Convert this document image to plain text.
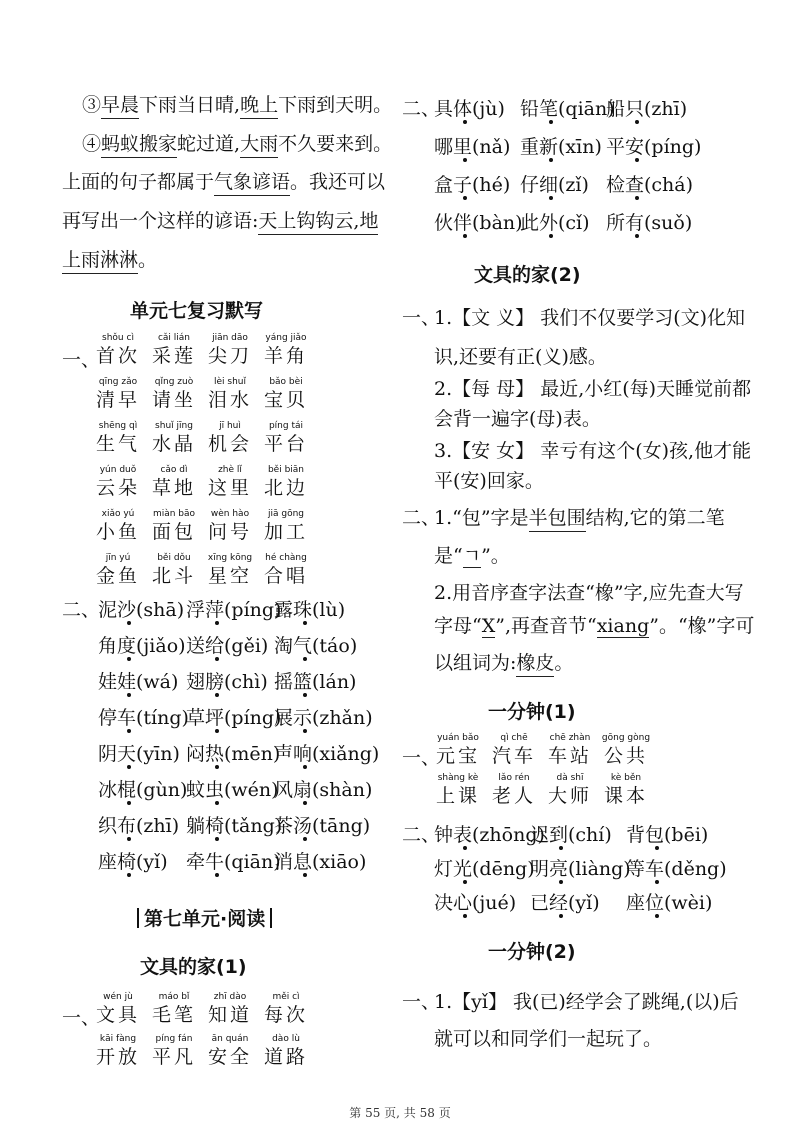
③早晨下雨当日晴,晚上下雨到天明。
④蚂蚁搬家蛇过道,大雨不久要来到。
上面的句子都属于气象谚语。我还可以
再写出一个这样的谚语:天上钩钩云,地
上雨淋淋。
单元七复习默写
一、
shǒu cì
首次
cǎi lián
采莲
jiān dāo
尖刀
yáng jiǎo
羊角
qīng zǎo
清早
qǐng zuò
请坐
lèi shuǐ
泪水
bǎo bèi
宝贝
shēng qì
生气
shuǐ jīng
水晶
jī huì
机会
píng tái
平台
yún duǒ
云朵
cǎo dì
草地
zhè lǐ
这里
běi biān
北边
xiǎo yú
小鱼
miàn bāo
面包
wèn hào
问号
jiā gōng
加工
jīn yú
金鱼
běi dǒu
北斗
xīng kōng
星空
hé chàng
合唱
二、
泥沙(shā) 浮萍(píng)
露珠(lù)
角度(jiǎo) 送给(gěi) 淘气(táo)
娃娃(wá) 翅膀(chì) 摇篮(lán)
停车(tíng)
草坪(píng)
展示(zhǎn)
阴天(yīn) 闷热(mēn)
声响(xiǎng)
冰棍(gùn)
蚊虫(wén)
风扇(shàn)
织布(zhī) 躺椅(tǎng)
茶汤(tāng)
座椅(yǐ) 牵牛(qiān)
消息(xiāo)
第七单元·阅读
文具的家(1)
一、
wén jù
文具
máo bǐ
毛笔
zhī dào
知道
měi cì
每次
kāi fàng
开放
píng fán
平凡
ān quán
安全
dào lù
道路
二、
具体(jù) 铅笔(qiān)
船只(zhī)
哪里(nǎ) 重新(xīn) 平安(píng)
盒子(hé) 仔细(zǐ) 检查(chá)
伙伴(bàn)
此外(cǐ) 所有(suǒ)
文具的家(2)
一、
1.【文 义】 我们不仅要学习(文)化知
识,还要有正(义)感。
2.【每 母】 最近,小红(每)天睡觉前都
会背一遍字(母)表。
3.【安 女】 幸亏有这个(女)孩,他才能
平(安)回家。
二、
1.“包”字是半包围结构,它的第二笔
是“ㄱ”。
2.用音序查字法查“橡”字,应先查大写
字母“X”,再查音节“xiang”。“橡”字可
以组词为:橡皮。
一分钟(1)
一、
yuán bǎo
元宝
qì chē
汽车
chē zhàn
车站
gōng gòng
公共
shàng kè
上课
lǎo rén
老人
dà shī
大师
kè běn
课本
二、
钟表(zhōng)
迟到(chí) 背包(bēi)
灯光(dēng)
明亮(liàng)
等车(děng)
决心(jué) 已经(yǐ) 座位(wèi)
一分钟(2)
一、
1.【yǐ】 我(已)经学会了跳绳,(以)后
就可以和同学们一起玩了。
第 55 页, 共 58 页
